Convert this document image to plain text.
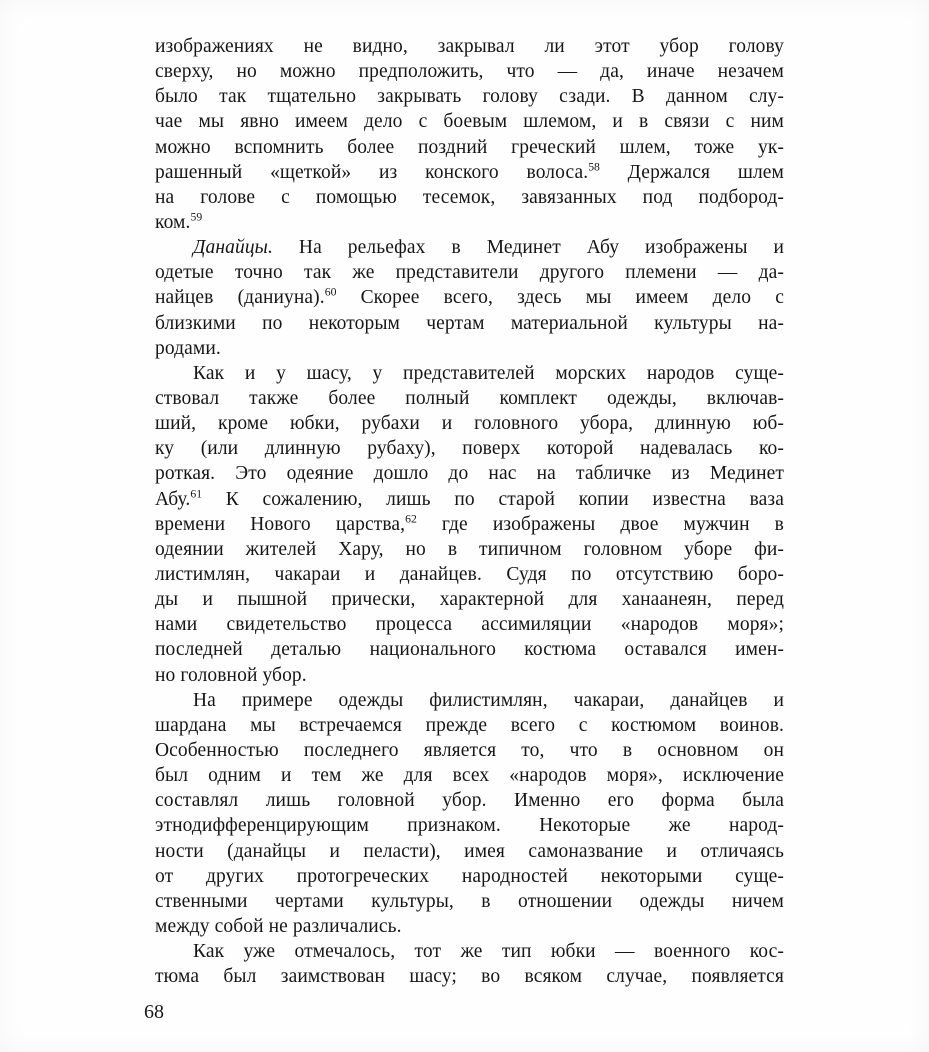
изображениях не видно, закрывал ли этот убор голову
сверху, но можно предположить, что — да, иначе незачем
было так тщательно закрывать голову сзади. В данном слу-
чае мы явно имеем дело с боевым шлемом, и в связи с ним
можно вспомнить более поздний греческий шлем, тоже ук-
рашенный «щеткой» из конского волоса.$^{58}$ Держался шлем
на голове с помощью тесемок, завязанных под подбород-
ком.$^{59}$
Данайцы. На рельефах в Мединет Абу изображены и
одетые точно так же представители другого племени — да-
найцев (даниуна).$^{60}$ Скорее всего, здесь мы имеем дело с
близкими по некоторым чертам материальной культуры на-
родами.
Как и у шасу, у представителей морских народов суще-
ствовал также более полный комплект одежды, включав-
ший, кроме юбки, рубахи и головного убора, длинную юб-
ку (или длинную рубаху), поверх которой надевалась ко-
роткая. Это одеяние дошло до нас на табличке из Мединет
Абу.$^{61}$ К сожалению, лишь по старой копии известна ваза
времени Нового царства,$^{62}$ где изображены двое мужчин в
одеянии жителей Хару, но в типичном головном уборе фи-
листимлян, чакараи и данайцев. Судя по отсутствию боро-
ды и пышной прически, характерной для ханаанеян, перед
нами свидетельство процесса ассимиляции «народов моря»;
последней деталью национального костюма оставался имен-
но головной убор.
На примере одежды филистимлян, чакараи, данайцев и
шардана мы встречаемся прежде всего с костюмом воинов.
Особенностью последнего является то, что в основном он
был одним и тем же для всех «народов моря», исключение
составлял лишь головной убор. Именно его форма была
этнодифференцирующим признаком. Некоторые же народ-
ности (данайцы и пеласти), имея самоназвание и отличаясь
от других протогреческих народностей некоторыми суще-
ственными чертами культуры, в отношении одежды ничем
между собой не различались.
Как уже отмечалось, тот же тип юбки — военного кос-
тюма был заимствован шасу; во всяком случае, появляется
68
